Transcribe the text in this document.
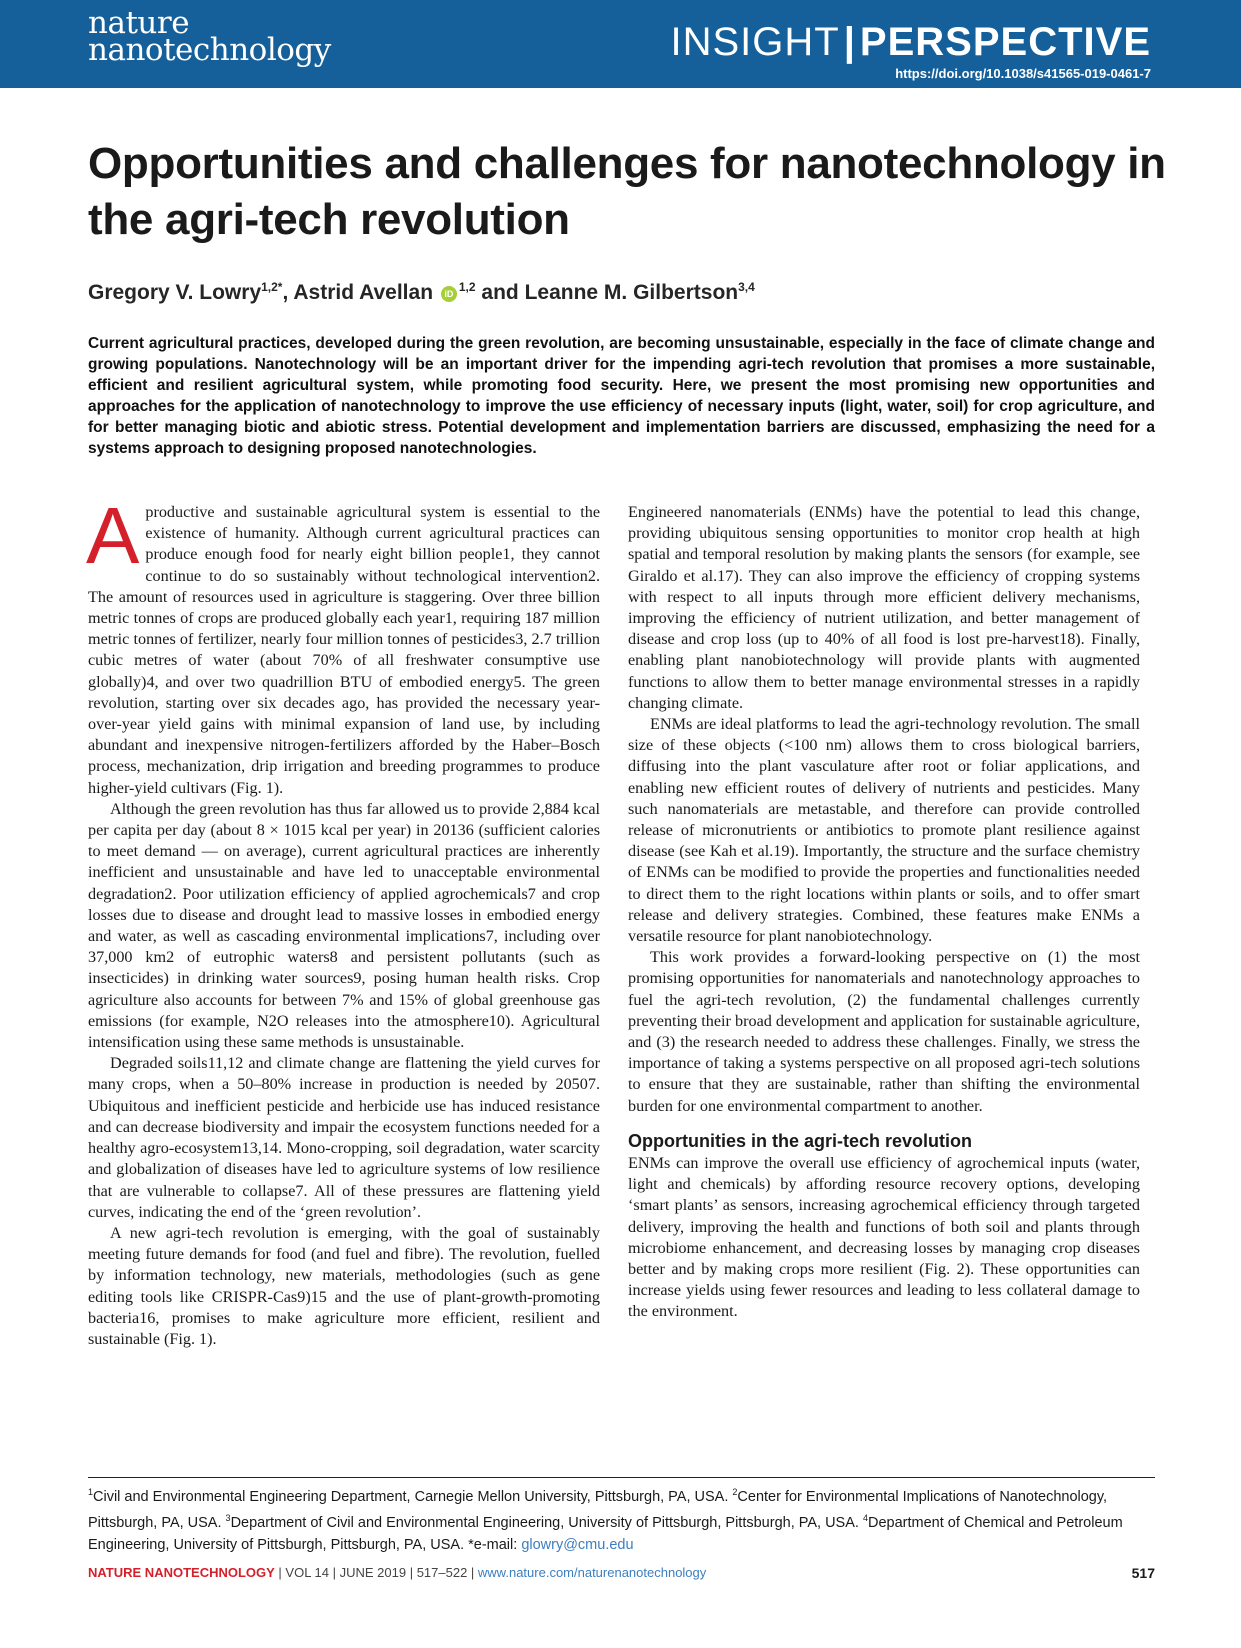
nature
nanotechnology	INSIGHT | PERSPECTIVE
https://doi.org/10.1038/s41565-019-0461-7
Opportunities and challenges for nanotechnology in the agri-tech revolution
Gregory V. Lowry$^{1,2*}$, Astrid Avellan iD $^{1,2}$ and Leanne M. Gilbertson$^{3,4}$

Current agricultural practices, developed during the green revolution, are becoming unsustainable, especially in the face of climate change and growing populations. Nanotechnology will be an important driver for the impending agri-tech revolution that promises a more sustainable, efficient and resilient agricultural system, while promoting food security. Here, we present the most promising new opportunities and approaches for the application of nanotechnology to improve the use efficiency of necessary inputs (light, water, soil) for crop agriculture, and for better managing biotic and abiotic stress. Potential development and implementation barriers are discussed, emphasizing the need for a systems approach to designing proposed nanotechnologies.

Aproductive and sustainable agricultural system is essential to the existence of humanity. Although current agricultural practices can produce enough food for nearly eight billion people1, they cannot continue to do so sustainably without technological intervention2. The amount of resources used in agriculture is staggering. Over three billion metric tonnes of crops are produced globally each year1, requiring 187 million metric tonnes of fertilizer, nearly four million tonnes of pesticides3, 2.7 trillion cubic metres of water (about 70% of all freshwater consumptive use globally)4, and over two quadrillion BTU of embodied energy5. The green revolution, starting over six decades ago, has provided the necessary year-over-year yield gains with minimal expansion of land use, by including abundant and inexpensive nitrogen-fertilizers afforded by the Haber–Bosch process, mechanization, drip irrigation and breeding programmes to produce higher-yield cultivars (Fig. 1).

Although the green revolution has thus far allowed us to provide 2,884 kcal per capita per day (about 8 × 1015 kcal per year) in 20136 (sufficient calories to meet demand — on average), current agricultural practices are inherently inefficient and unsustainable and have led to unacceptable environmental degradation2. Poor utilization efficiency of applied agrochemicals7 and crop losses due to disease and drought lead to massive losses in embodied energy and water, as well as cascading environmental implications7, including over 37,000 km2 of eutrophic waters8 and persistent pollutants (such as insecticides) in drinking water sources9, posing human health risks. Crop agriculture also accounts for between 7% and 15% of global greenhouse gas emissions (for example, N2O releases into the atmosphere10). Agricultural intensification using these same methods is unsustainable.

Degraded soils11,12 and climate change are flattening the yield curves for many crops, when a 50–80% increase in production is needed by 20507. Ubiquitous and inefficient pesticide and herbicide use has induced resistance and can decrease biodiversity and impair the ecosystem functions needed for a healthy agro-ecosystem13,14. Mono-cropping, soil degradation, water scarcity and globalization of diseases have led to agriculture systems of low resilience that are vulnerable to collapse7. All of these pressures are flattening yield curves, indicating the end of the ‘green revolution’.

A new agri-tech revolution is emerging, with the goal of sustainably meeting future demands for food (and fuel and fibre). The revolution, fuelled by information technology, new materials, methodologies (such as gene editing tools like CRISPR-Cas9)15 and the use of plant-growth-promoting bacteria16, promises to make agriculture more efficient, resilient and sustainable (Fig. 1).

Engineered nanomaterials (ENMs) have the potential to lead this change, providing ubiquitous sensing opportunities to monitor crop health at high spatial and temporal resolution by making plants the sensors (for example, see Giraldo et al.17). They can also improve the efficiency of cropping systems with respect to all inputs through more efficient delivery mechanisms, improving the efficiency of nutrient utilization, and better management of disease and crop loss (up to 40% of all food is lost pre-harvest18). Finally, enabling plant nanobiotechnology will provide plants with augmented functions to allow them to better manage environmental stresses in a rapidly changing climate.

ENMs are ideal platforms to lead the agri-technology revolution. The small size of these objects (<100 nm) allows them to cross biological barriers, diffusing into the plant vasculature after root or foliar applications, and enabling new efficient routes of delivery of nutrients and pesticides. Many such nanomaterials are metastable, and therefore can provide controlled release of micronutrients or antibiotics to promote plant resilience against disease (see Kah et al.19). Importantly, the structure and the surface chemistry of ENMs can be modified to provide the properties and functionalities needed to direct them to the right locations within plants or soils, and to offer smart release and delivery strategies. Combined, these features make ENMs a versatile resource for plant nanobiotechnology.

This work provides a forward-looking perspective on (1) the most promising opportunities for nanomaterials and nanotechnology approaches to fuel the agri-tech revolution, (2) the fundamental challenges currently preventing their broad development and application for sustainable agriculture, and (3) the research needed to address these challenges. Finally, we stress the importance of taking a systems perspective on all proposed agri-tech solutions to ensure that they are sustainable, rather than shifting the environmental burden for one environmental compartment to another.

Opportunities in the agri-tech revolution

ENMs can improve the overall use efficiency of agrochemical inputs (water, light and chemicals) by affording resource recovery options, developing ‘smart plants’ as sensors, increasing agrochemical efficiency through targeted delivery, improving the health and functions of both soil and plants through microbiome enhancement, and decreasing losses by managing crop diseases better and by making crops more resilient (Fig. 2). These opportunities can increase yields using fewer resources and leading to less collateral damage to the environment.

$^1$Civil and Environmental Engineering Department, Carnegie Mellon University, Pittsburgh, PA, USA. $^2$Center for Environmental Implications of Nanotechnology, Pittsburgh, PA, USA. $^3$Department of Civil and Environmental Engineering, University of Pittsburgh, Pittsburgh, PA, USA. $^4$Department of Chemical and Petroleum Engineering, University of Pittsburgh, Pittsburgh, PA, USA. *e-mail: glowry@cmu.edu

NATURE NANOTECHNOLOGY | VOL 14 | JUNE 2019 | 517–522 | www.nature.com/naturenanotechnology	517
